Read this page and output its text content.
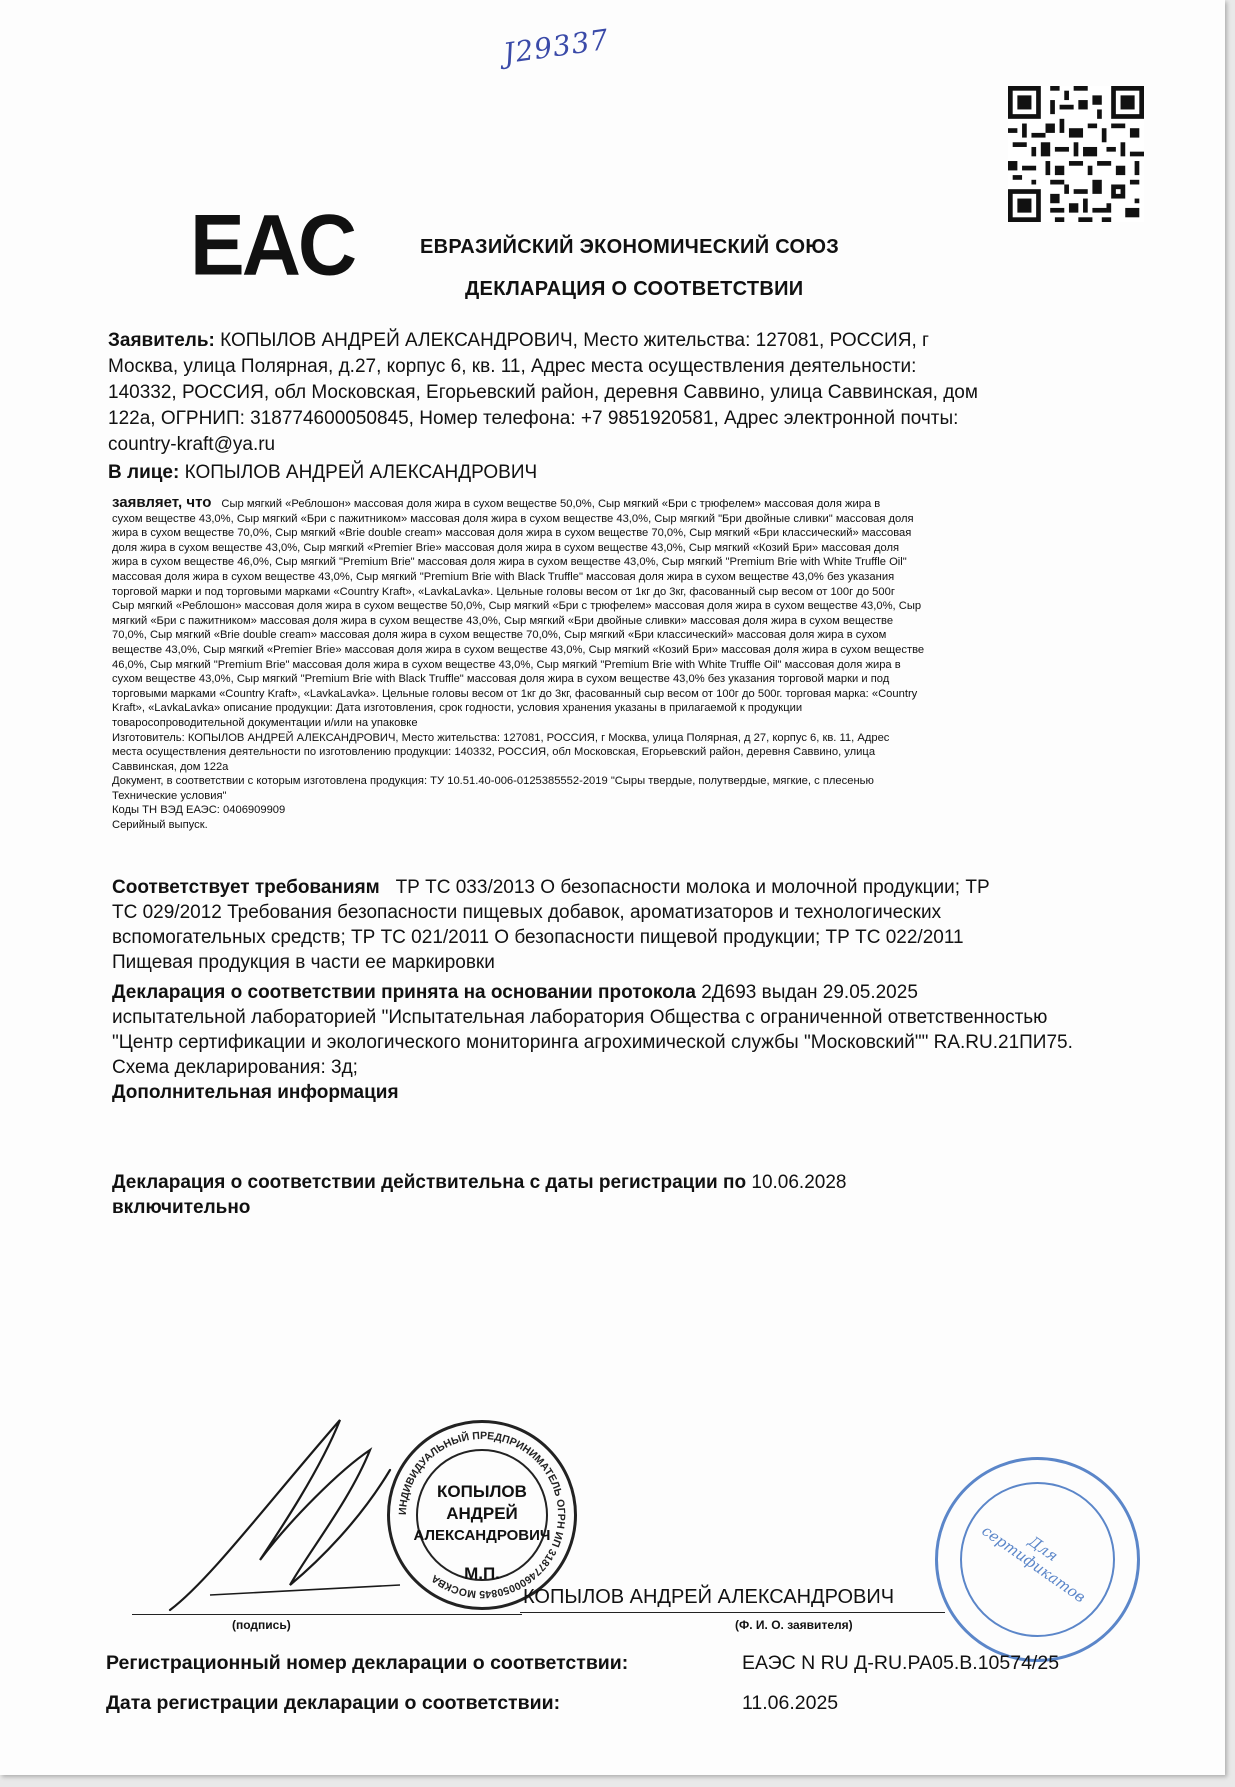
J29337
EAC	ЕВРАЗИЙСКИЙ ЭКОНОМИЧЕСКИЙ СОЮЗ
ДЕКЛАРАЦИЯ О СООТВЕТСТВИИ
Заявитель: КОПЫЛОВ АНДРЕЙ АЛЕКСАНДРОВИЧ, Место жительства: 127081, РОССИЯ, г
Москва, улица Полярная, д.27, корпус 6, кв. 11, Адрес места осуществления деятельности:
140332, РОССИЯ, обл Московская, Егорьевский район, деревня Саввино, улица Саввинская, дом
122а, ОГРНИП: 318774600050845, Номер телефона: +7 9851920581, Адрес электронной почты:
country-kraft@ya.ru
В лице: КОПЫЛОВ АНДРЕЙ АЛЕКСАНДРОВИЧ
заявляет, что Сыр мягкий «Реблошон» массовая доля жира в сухом веществе 50,0%, Сыр мягкий «Бри с трюфелем» массовая доля жира в
сухом веществе 43,0%, Сыр мягкий «Бри с пажитником» массовая доля жира в сухом веществе 43,0%, Сыр мягкий "Бри двойные сливки" массовая доля
жира в сухом веществе 70,0%, Сыр мягкий «Brie double cream» массовая доля жира в сухом веществе 70,0%, Сыр мягкий «Бри классический» массовая
доля жира в сухом веществе 43,0%, Сыр мягкий «Premier Brie» массовая доля жира в сухом веществе 43,0%, Сыр мягкий «Козий Бри» массовая доля
жира в сухом веществе 46,0%, Сыр мягкий "Premium Brie" массовая доля жира в сухом веществе 43,0%, Сыр мягкий "Premium Brie with White Truffle Oil"
массовая доля жира в сухом веществе 43,0%, Сыр мягкий "Premium Brie with Black Truffle" массовая доля жира в сухом веществе 43,0% без указания
торговой марки и под торговыми марками «Country Kraft», «LavkaLavka». Цельные головы весом от 1кг до 3кг, фасованный сыр весом от 100г до 500г
Сыр мягкий «Реблошон» массовая доля жира в сухом веществе 50,0%, Сыр мягкий «Бри с трюфелем» массовая доля жира в сухом веществе 43,0%, Сыр
мягкий «Бри с пажитником» массовая доля жира в сухом веществе 43,0%, Сыр мягкий «Бри двойные сливки» массовая доля жира в сухом веществе
70,0%, Сыр мягкий «Brie double cream» массовая доля жира в сухом веществе 70,0%, Сыр мягкий «Бри классический» массовая доля жира в сухом
веществе 43,0%, Сыр мягкий «Premier Brie» массовая доля жира в сухом веществе 43,0%, Сыр мягкий «Козий Бри» массовая доля жира в сухом веществе
46,0%, Сыр мягкий "Premium Brie" массовая доля жира в сухом веществе 43,0%, Сыр мягкий "Premium Brie with White Truffle Oil" массовая доля жира в
сухом веществе 43,0%, Сыр мягкий "Premium Brie with Black Truffle" массовая доля жира в сухом веществе 43,0% без указания торговой марки и под
торговыми марками «Country Kraft», «LavkaLavka». Цельные головы весом от 1кг до 3кг, фасованный сыр весом от 100г до 500г. торговая марка: «Country
Kraft», «LavkaLavka» описание продукции: Дата изготовления, срок годности, условия хранения указаны в прилагаемой к продукции
товаросопроводительной документации и/или на упаковке
Изготовитель: КОПЫЛОВ АНДРЕЙ АЛЕКСАНДРОВИЧ, Место жительства: 127081, РОССИЯ, г Москва, улица Полярная, д 27, корпус 6, кв. 11, Адрес
места осуществления деятельности по изготовлению продукции: 140332, РОССИЯ, обл Московская, Егорьевский район, деревня Саввино, улица
Саввинская, дом 122а
Документ, в соответствии с которым изготовлена продукция: ТУ 10.51.40-006-0125385552-2019 "Сыры твердые, полутвердые, мягкие, с плесенью
Технические условия"
Коды ТН ВЭД ЕАЭС: 0406909909
Серийный выпуск.
Соответствует требованиям ТР ТС 033/2013 О безопасности молока и молочной продукции; ТР
ТС 029/2012 Требования безопасности пищевых добавок, ароматизаторов и технологических
вспомогательных средств; ТР ТС 021/2011 О безопасности пищевой продукции; ТР ТС 022/2011
Пищевая продукция в части ее маркировки
Декларация о соответствии принята на основании протокола 2Д693 выдан 29.05.2025
испытательной лабораторией "Испытательная лаборатория Общества с ограниченной ответственностью
"Центр сертификации и экологического мониторинга агрохимической службы "Московский"" RA.RU.21ПИ75.
Схема декларирования: 3д;
Дополнительная информация
Декларация о соответствии действительна с даты регистрации по 10.06.2028
включительно
ИНДИВИДУАЛЬНЫЙ ПРЕДПРИНИМАТЕЛЬ ОГРН ИП 318774600050845 МОСКВА
КОПЫЛОВ
АНДРЕЙ
АЛЕКСАНДРОВИЧ
М.П.
Для сертификатов
(подпись)
КОПЫЛОВ АНДРЕЙ АЛЕКСАНДРОВИЧ
(Ф. И. О. заявителя)
Регистрационный номер декларации о соответствии:	ЕАЭС N RU Д-RU.РА05.В.10574/25
Дата регистрации декларации о соответствии:	11.06.2025
